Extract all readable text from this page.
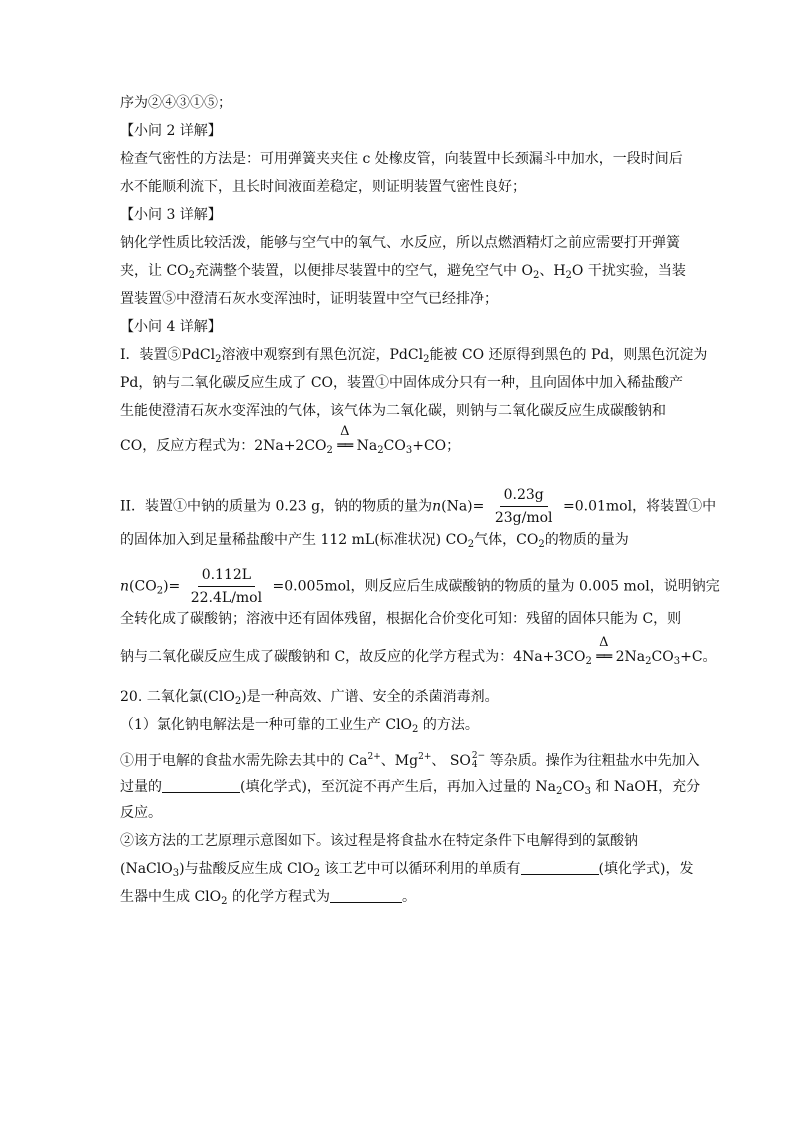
序为②④③①⑤；
【小问 2 详解】
检查气密性的方法是：可用弹簧夹夹住 c 处橡皮管，向装置中长颈漏斗中加水，一段时间后
水不能顺利流下，且长时间液面差稳定，则证明装置气密性良好；
【小问 3 详解】
钠化学性质比较活泼，能够与空气中的氧气、水反应，所以点燃酒精灯之前应需要打开弹簧
夹，让 $CO_2$充满整个装置，以便排尽装置中的空气，避免空气中 $O_2$、$H_2O$ 干扰实验，当装
置装置⑤中澄清石灰水变浑浊时，证明装置中空气已经排净；
【小问 4 详解】
I．装置⑤PdCl$_2$溶液中观察到有黑色沉淀，PdCl$_2$能被 CO 还原得到黑色的 Pd，则黑色沉淀为
Pd，钠与二氧化碳反应生成了 CO，装置①中固体成分只有一种，且向固体中加入稀盐酸产
生能使澄清石灰水变浑浊的气体，该气体为二氧化碳，则钠与二氧化碳反应生成碳酸钠和
CO，反应方程式为：$2Na+2CO_2$
Δ
══ $Na_2CO_3+CO$；
II．装置①中钠的质量为 0.23 g，钠的物质的量为$n(Na)= \frac{0.23g}{\text{23g/mol}} =0.01mol$，将装置①中
的固体加入到足量稀盐酸中产生 112 mL(标准状况) $CO_2$气体，$CO_2$的物质的量为
$n(CO_2)= \frac{0.112L}{\text{22.4L/mol}} =0.005mol$，则反应后生成碳酸钠的物质的量为 0.005 mol，说明钠完
全转化成了碳酸钠；溶液中还有固体残留，根据化合价变化可知：残留的固体只能为 C，则
钠与二氧化碳反应生成了碳酸钠和 C，故反应的化学方程式为：$4Na+3CO_2$
Δ
══ $2Na_2CO_3+C$。
20. 二氧化氯(ClO$_2$)是一种高效、广谱、安全的杀菌消毒剂。
（1）氯化钠电解法是一种可靠的工业生产 ClO$_2$ 的方法。
①用于电解的食盐水需先除去其中的 $Ca^{2+}$、$Mg^{2+}$、 SO 2−
4 等杂质。操作为往粗盐水中先加入
过量的	(填化学式)，至沉淀不再产生后，再加入过量的 $Na_2CO_3$ 和 NaOH，充分
反应。
②该方法的工艺原理示意图如下。该过程是将食盐水在特定条件下电解得到的氯酸钠
(NaClO$_3$)与盐酸反应生成 ClO$_2$ 该工艺中可以循环利用的单质有	(填化学式)，发
生器中生成 ClO$_2$ 的化学方程式为	。
